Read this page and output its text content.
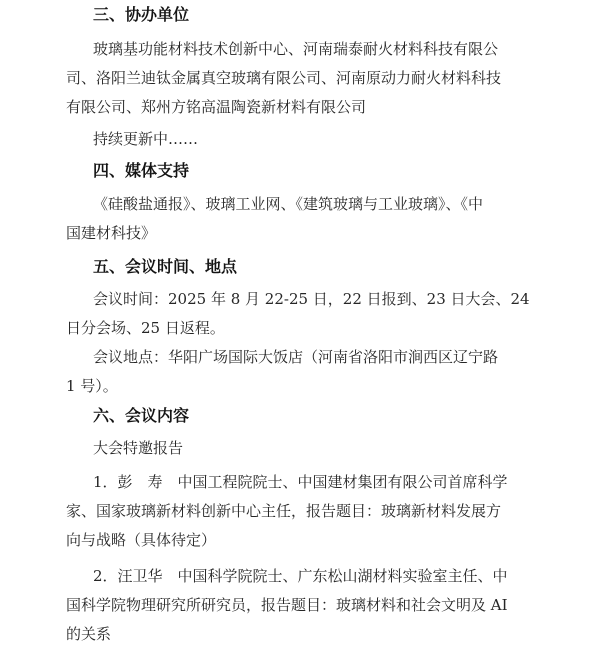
三、协办单位
玻璃基功能材料技术创新中心、河南瑞泰耐火材料科技有限公
司、洛阳兰迪钛金属真空玻璃有限公司、河南原动力耐火材料科技
有限公司、郑州方铭高温陶瓷新材料有限公司
持续更新中……
四、媒体支持
《硅酸盐通报》、玻璃工业网、《建筑玻璃与工业玻璃》、《中
国建材科技》
五、会议时间、地点
会议时间：2025 年 8 月 22-25 日，22 日报到、23 日大会、24
日分会场、25 日返程。
会议地点：华阳广场国际大饭店（河南省洛阳市涧西区辽宁路
1 号）。
六、会议内容
大会特邀报告
1．彭　寿　中国工程院院士、中国建材集团有限公司首席科学
家、国家玻璃新材料创新中心主任，报告题目：玻璃新材料发展方
向与战略（具体待定）
2．汪卫华　中国科学院院士、广东松山湖材料实验室主任、中
国科学院物理研究所研究员，报告题目：玻璃材料和社会文明及 AI
的关系
